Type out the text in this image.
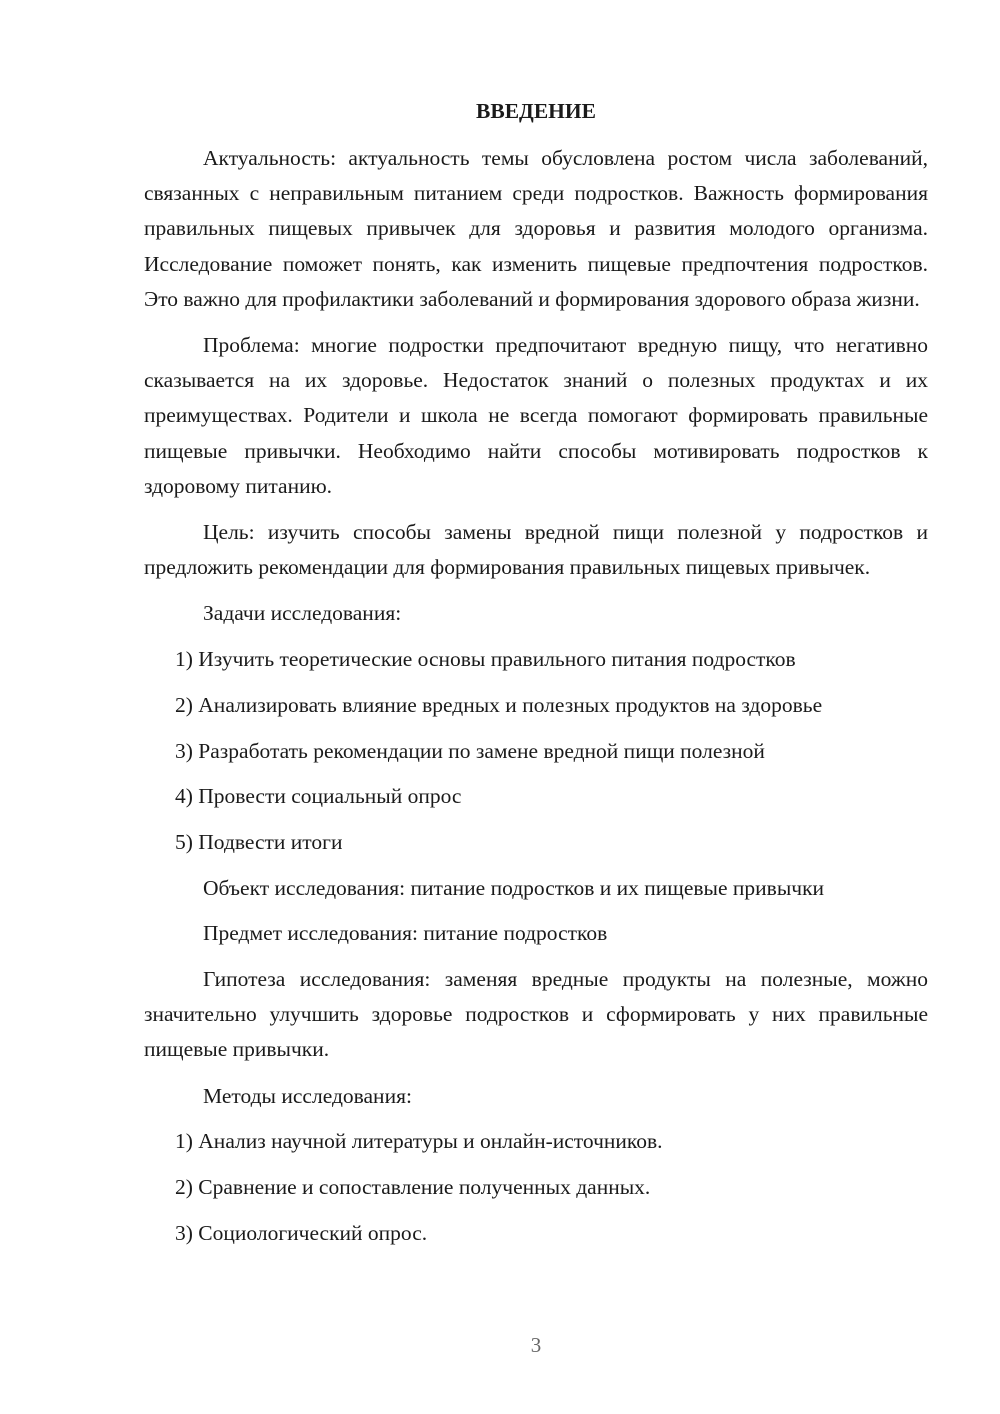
ВВЕДЕНИЕ

Актуальность: актуальность темы обусловлена ростом числа заболеваний, связанных с неправильным питанием среди подростков. Важность формирования правильных пищевых привычек для здоровья и развития молодого организма. Исследование поможет понять, как изменить пищевые предпочтения подростков. Это важно для профилактики заболеваний и формирования здорового образа жизни.

Проблема: многие подростки предпочитают вредную пищу, что негативно сказывается на их здоровье. Недостаток знаний о полезных продуктах и их преимуществах. Родители и школа не всегда помогают формировать правильные пищевые привычки. Необходимо найти способы мотивировать подростков к здоровому питанию.

Цель: изучить способы замены вредной пищи полезной у подростков и предложить рекомендации для формирования правильных пищевых привычек.

Задачи исследования:
1) Изучить теоретические основы правильного питания подростков
2) Анализировать влияние вредных и полезных продуктов на здоровье
3) Разработать рекомендации по замене вредной пищи полезной
4) Провести социальный опрос
5) Подвести итоги
Объект исследования: питание подростков и их пищевые привычки
Предмет исследования: питание подростков

Гипотеза исследования: заменяя вредные продукты на полезные, можно значительно улучшить здоровье подростков и сформировать у них правильные пищевые привычки.

Методы исследования:
1) Анализ научной литературы и онлайн-источников.
2) Сравнение и сопоставление полученных данных.
3) Социологический опрос.
3
